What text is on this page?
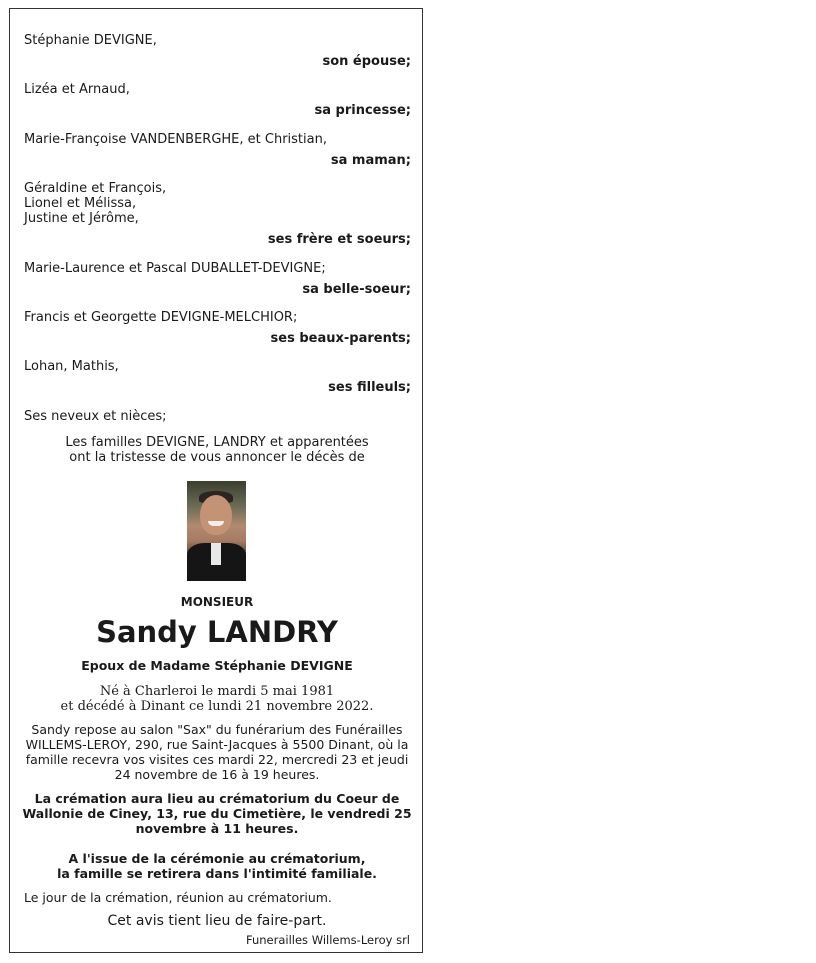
Stéphanie DEVIGNE,
son épouse;
Lizéa et Arnaud,
sa princesse;
Marie-Françoise VANDENBERGHE, et Christian,
sa maman;
Géraldine et François,
Lionel et Mélissa,
Justine et Jérôme,
ses frère et soeurs;
Marie-Laurence et Pascal DUBALLET-DEVIGNE;
sa belle-soeur;
Francis et Georgette DEVIGNE-MELCHIOR;
ses beaux-parents;
Lohan, Mathis,
ses filleuls;
Ses neveux et nièces;
Les familles DEVIGNE, LANDRY et apparentées
ont la tristesse de vous annoncer le décès de
MONSIEUR
Sandy LANDRY
Epoux de Madame Stéphanie DEVIGNE
Né à Charleroi le mardi 5 mai 1981
et décédé à Dinant ce lundi 21 novembre 2022.
Sandy repose au salon "Sax" du funérarium des Funérailles WILLEMS-LEROY, 290, rue Saint-Jacques à 5500 Dinant, où la famille recevra vos visites ces mardi 22, mercredi 23 et jeudi 24 novembre de 16 à 19 heures.
La crémation aura lieu au crématorium du Coeur de Wallonie de Ciney, 13, rue du Cimetière, le vendredi 25 novembre à 11 heures.
A l'issue de la cérémonie au crématorium,
la famille se retirera dans l'intimité familiale.
Le jour de la crémation, réunion au crématorium.
Cet avis tient lieu de faire-part.
Funerailles Willems-Leroy srl
